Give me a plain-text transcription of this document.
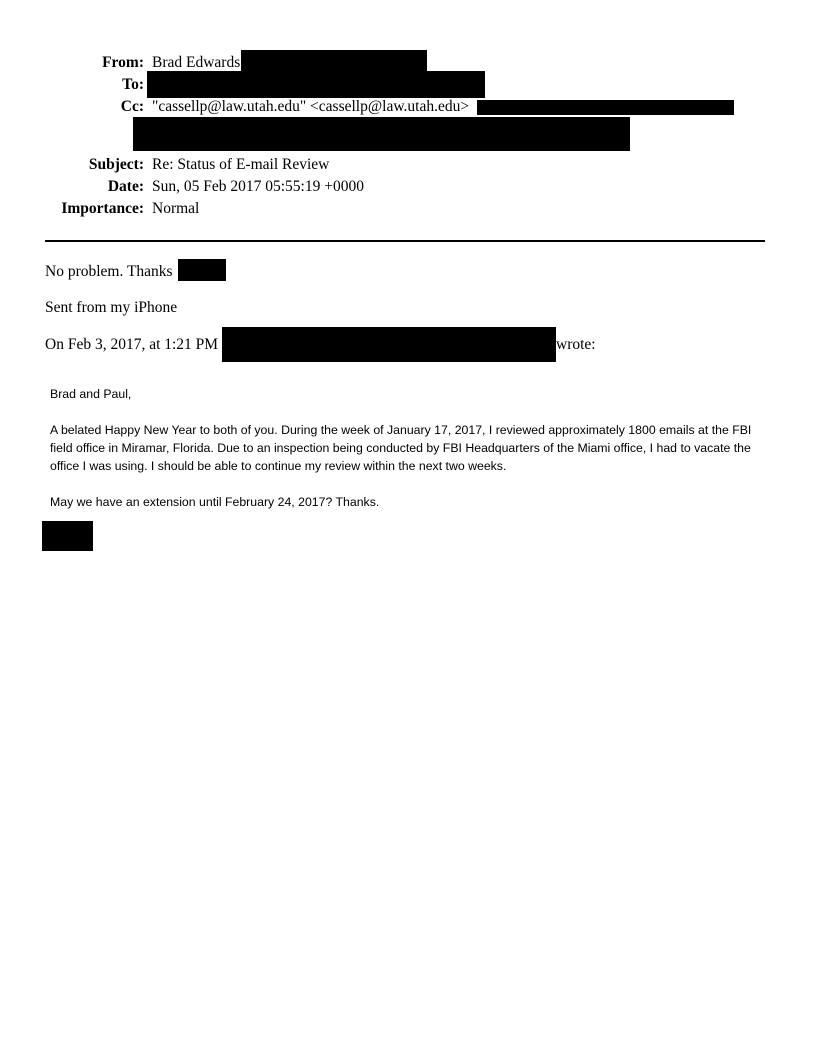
From: Brad Edwards
To:
Cc: "cassellp@law.utah.edu" <cassellp@law.utah.edu>
Subject: Re: Status of E-mail Review
Date: Sun, 05 Feb 2017 05:55:19 +0000
Importance: Normal
No problem. Thanks
Sent from my iPhone
On Feb 3, 2017, at 1:21 PM	wrote:

Brad and Paul,

A belated Happy New Year to both of you. During the week of January 17, 2017, I reviewed approximately 1800 emails at the FBI field office in Miramar, Florida. Due to an inspection being conducted by FBI Headquarters of the Miami office, I had to vacate the office I was using. I should be able to continue my review within the next two weeks.

May we have an extension until February 24, 2017? Thanks.
